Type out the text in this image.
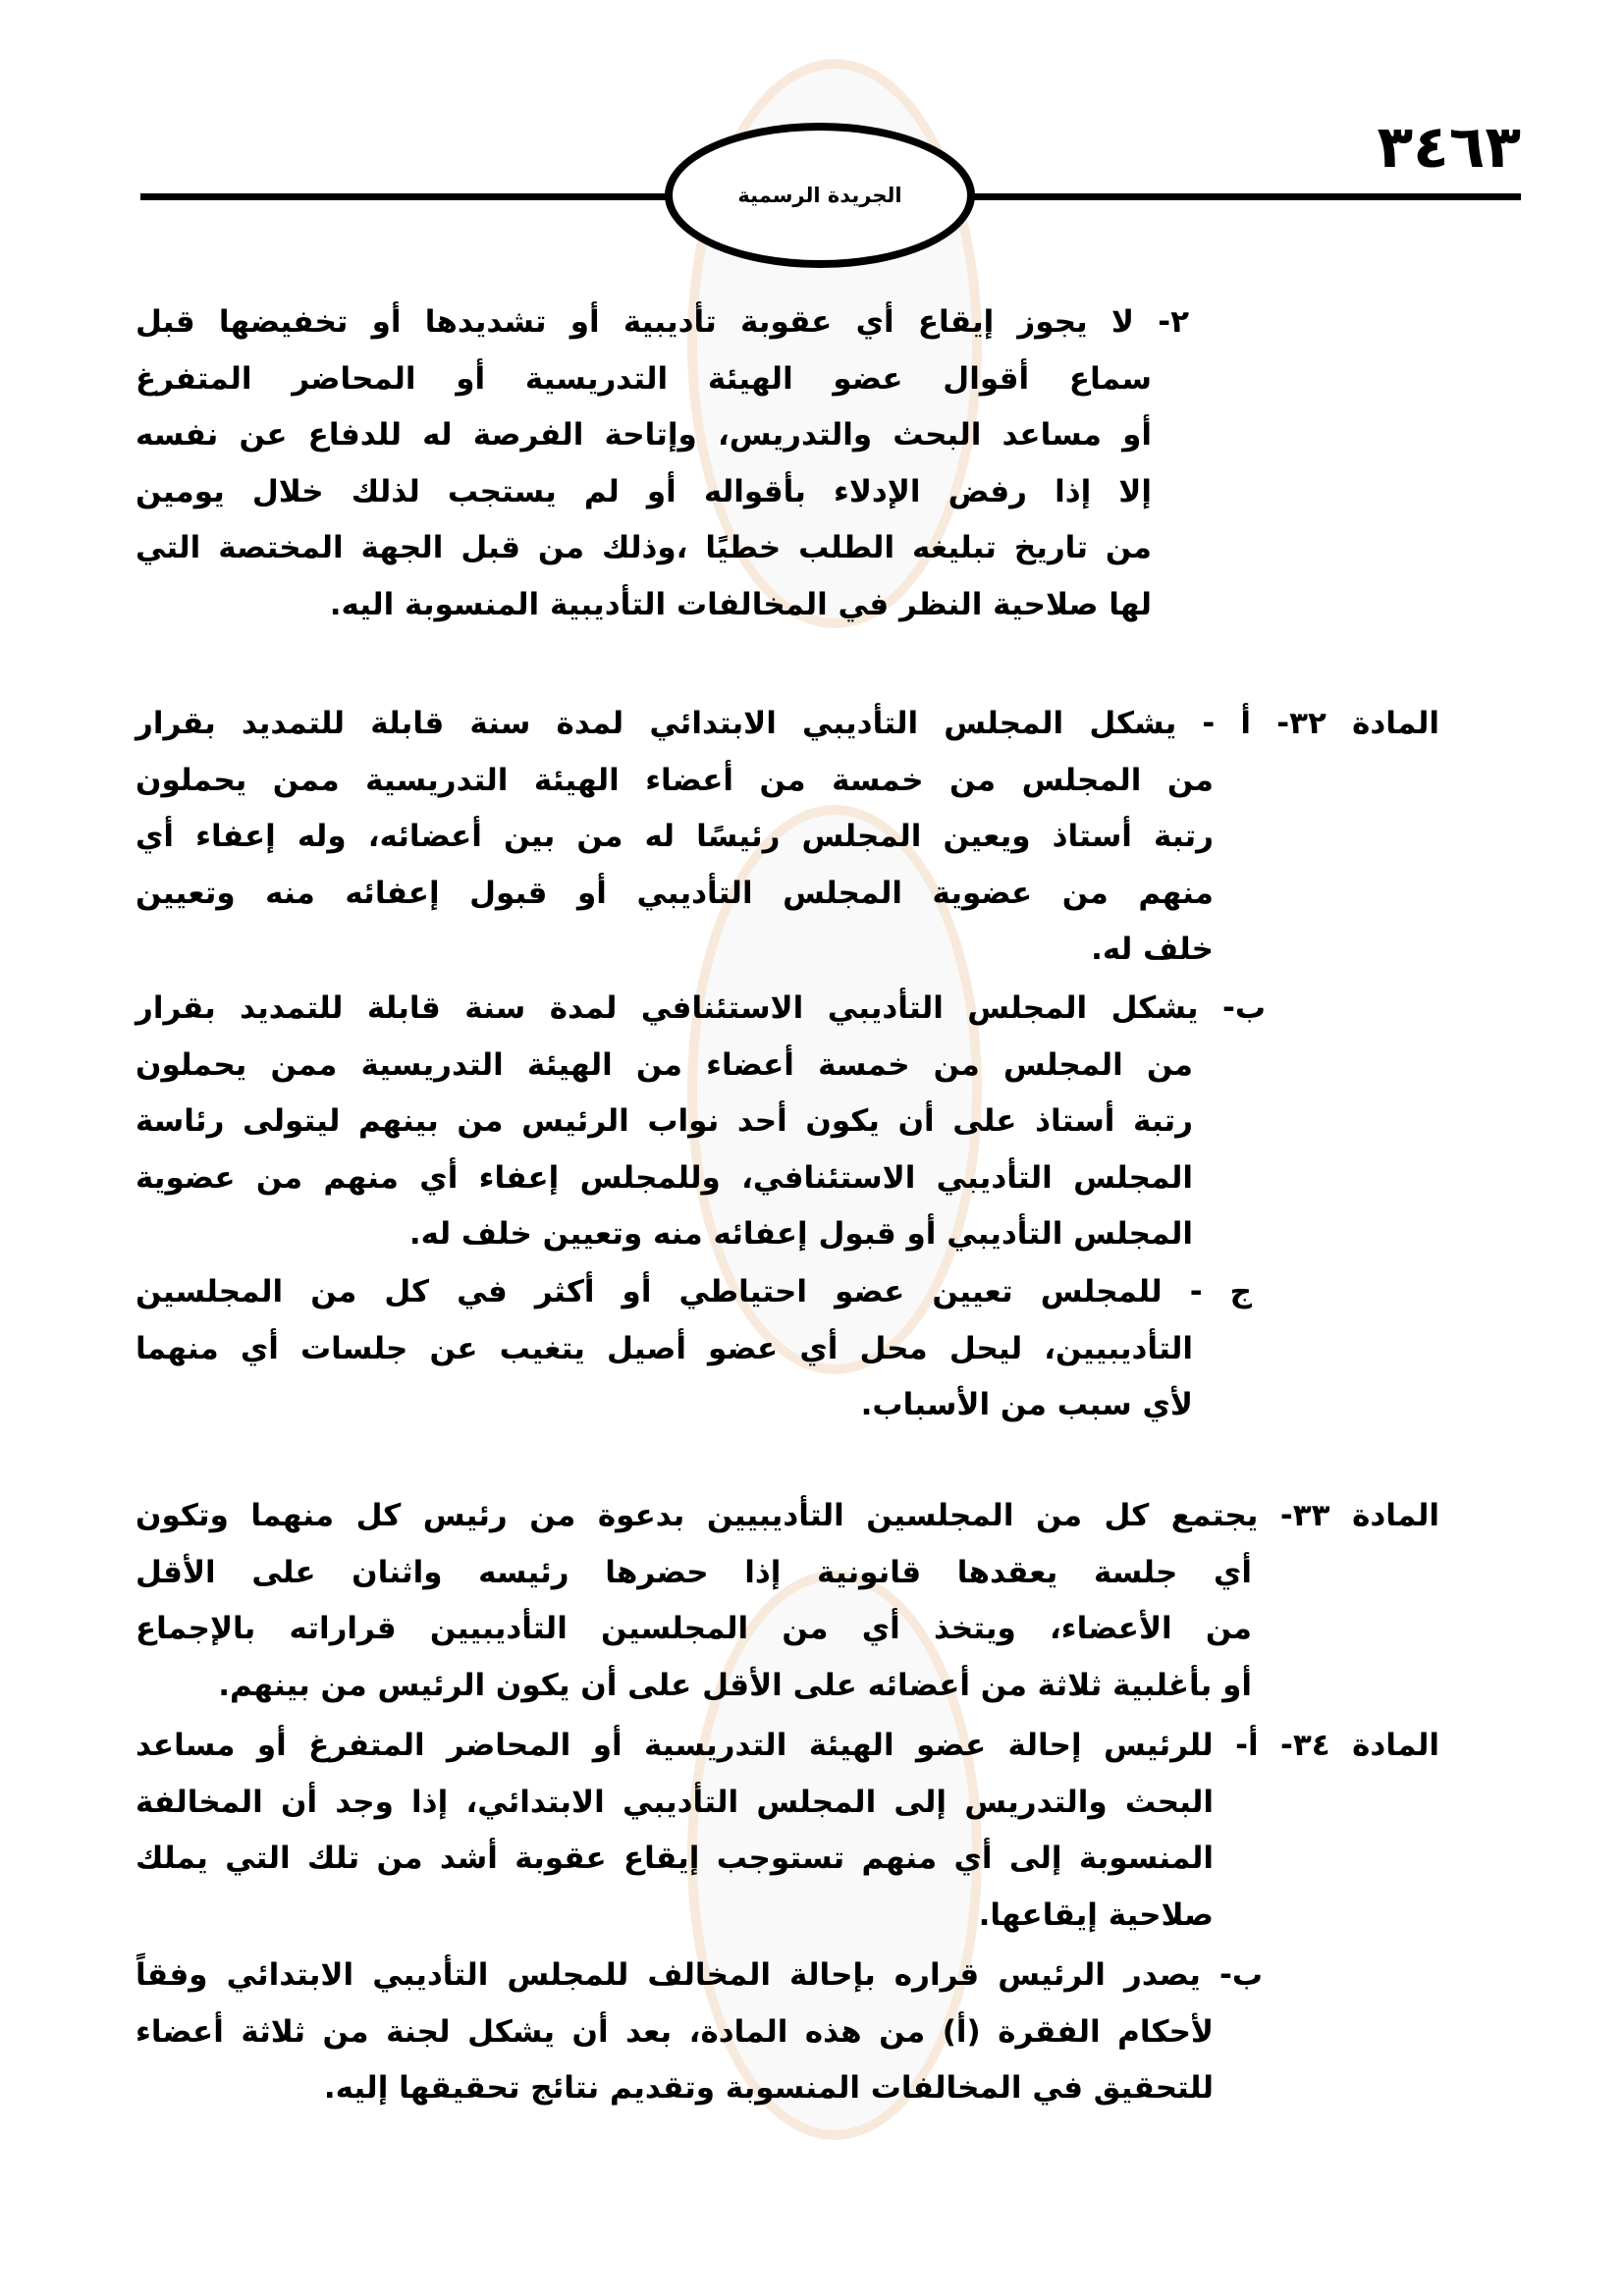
الجريدة الرسمية
٣٤٦٣
٢- لا يجوز إيقاع أي عقوبة تأديبية أو تشديدها أو تخفيضها قبل
سماع أقوال عضو الهيئة التدريسية أو المحاضر المتفرغ
أو مساعد البحث والتدريس، وإتاحة الفرصة له للدفاع عن نفسه
إلا إذا رفض الإدلاء بأقواله أو لم يستجب لذلك خلال يومين
من تاريخ تبليغه الطلب خطيًا ،وذلك من قبل الجهة المختصة التي
لها صلاحية النظر في المخالفات التأديبية المنسوبة اليه.
المادة ٣٢- أ - يشكل المجلس التأديبي الابتدائي لمدة سنة قابلة للتمديد بقرار
من المجلس من خمسة من أعضاء الهيئة التدريسية ممن يحملون
رتبة أستاذ ويعين المجلس رئيسًا له من بين أعضائه، وله إعفاء أي
منهم من عضوية المجلس التأديبي أو قبول إعفائه منه وتعيين
خلف له.
ب- يشكل المجلس التأديبي الاستئنافي لمدة سنة قابلة للتمديد بقرار
من المجلس من خمسة أعضاء من الهيئة التدريسية ممن يحملون
رتبة أستاذ على أن يكون أحد نواب الرئيس من بينهم ليتولى رئاسة
المجلس التأديبي الاستئنافي، وللمجلس إعفاء أي منهم من عضوية
المجلس التأديبي أو قبول إعفائه منه وتعيين خلف له.
ج - للمجلس تعيين عضو احتياطي أو أكثر في كل من المجلسين
التأديبيين، ليحل محل أي عضو أصيل يتغيب عن جلسات أي منهما
لأي سبب من الأسباب.
المادة ٣٣- يجتمع كل من المجلسين التأديبيين بدعوة من رئيس كل منهما وتكون
أي جلسة يعقدها قانونية إذا حضرها رئيسه واثنان على الأقل
من الأعضاء، ويتخذ أي من المجلسين التأديبيين قراراته بالإجماع
أو بأغلبية ثلاثة من أعضائه على الأقل على أن يكون الرئيس من بينهم.
المادة ٣٤- أ- للرئيس إحالة عضو الهيئة التدريسية أو المحاضر المتفرغ أو مساعد
البحث والتدريس إلى المجلس التأديبي الابتدائي، إذا وجد أن المخالفة
المنسوبة إلى أي منهم تستوجب إيقاع عقوبة أشد من تلك التي يملك
صلاحية إيقاعها.
ب- يصدر الرئيس قراره بإحالة المخالف للمجلس التأديبي الابتدائي وفقاً
لأحكام الفقرة (أ) من هذه المادة، بعد أن يشكل لجنة من ثلاثة أعضاء
للتحقيق في المخالفات المنسوبة وتقديم نتائج تحقيقها إليه.
